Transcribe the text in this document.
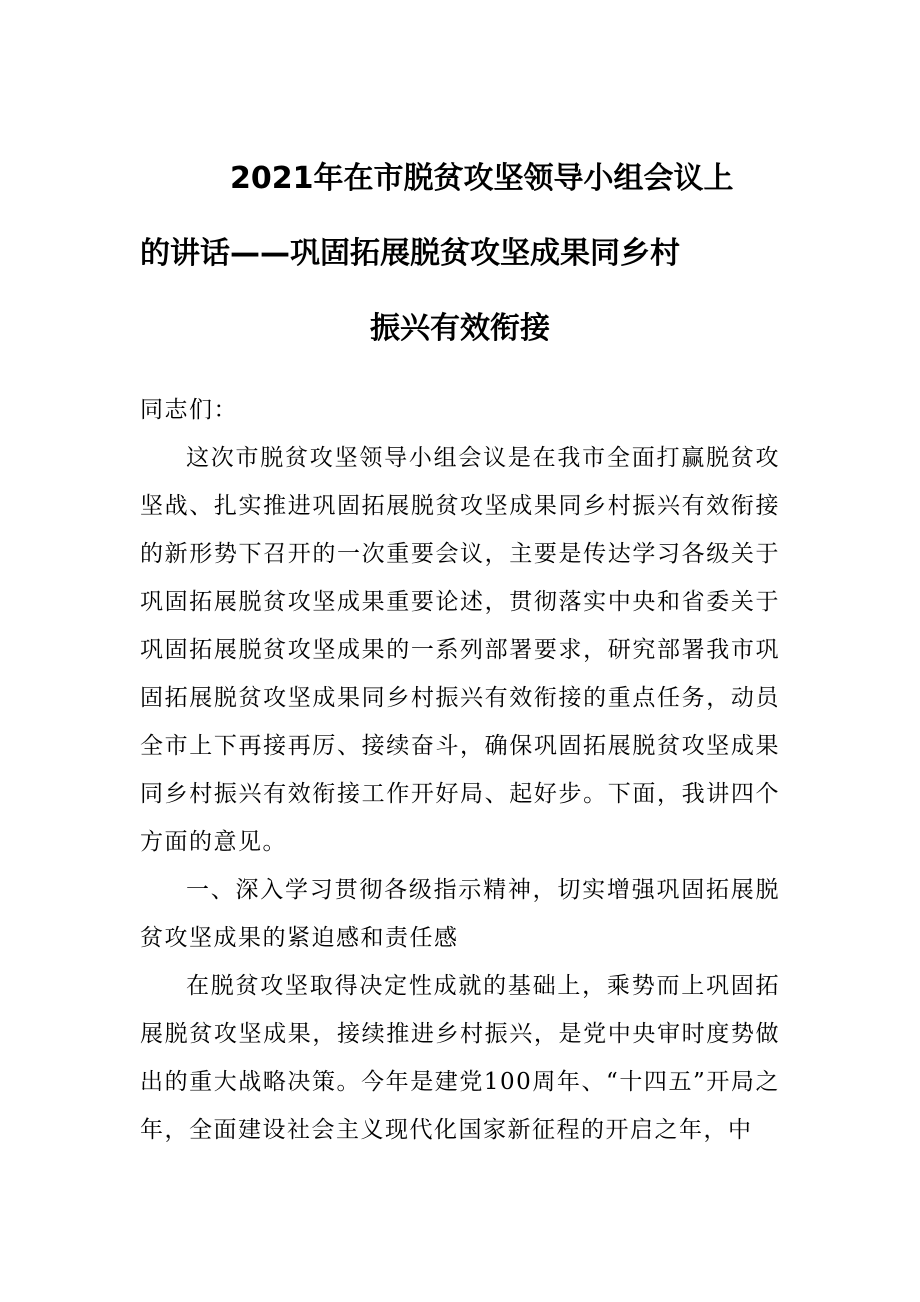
2021年在市脱贫攻坚领导小组会议上
的讲话——巩固拓展脱贫攻坚成果同乡村
振兴有效衔接

同志们：

这次市脱贫攻坚领导小组会议是在我市全面打赢脱贫攻坚战、扎实推进巩固拓展脱贫攻坚成果同乡村振兴有效衔接的新形势下召开的一次重要会议，主要是传达学习各级关于巩固拓展脱贫攻坚成果重要论述，贯彻落实中央和省委关于巩固拓展脱贫攻坚成果的一系列部署要求，研究部署我市巩固拓展脱贫攻坚成果同乡村振兴有效衔接的重点任务，动员全市上下再接再厉、接续奋斗，确保巩固拓展脱贫攻坚成果同乡村振兴有效衔接工作开好局、起好步。下面，我讲四个方面的意见。

一、深入学习贯彻各级指示精神，切实增强巩固拓展脱贫攻坚成果的紧迫感和责任感

在脱贫攻坚取得决定性成就的基础上，乘势而上巩固拓展脱贫攻坚成果，接续推进乡村振兴，是党中央审时度势做出的重大战略决策。今年是建党100周年、“十四五”开局之年，全面建设社会主义现代化国家新征程的开启之年，中
